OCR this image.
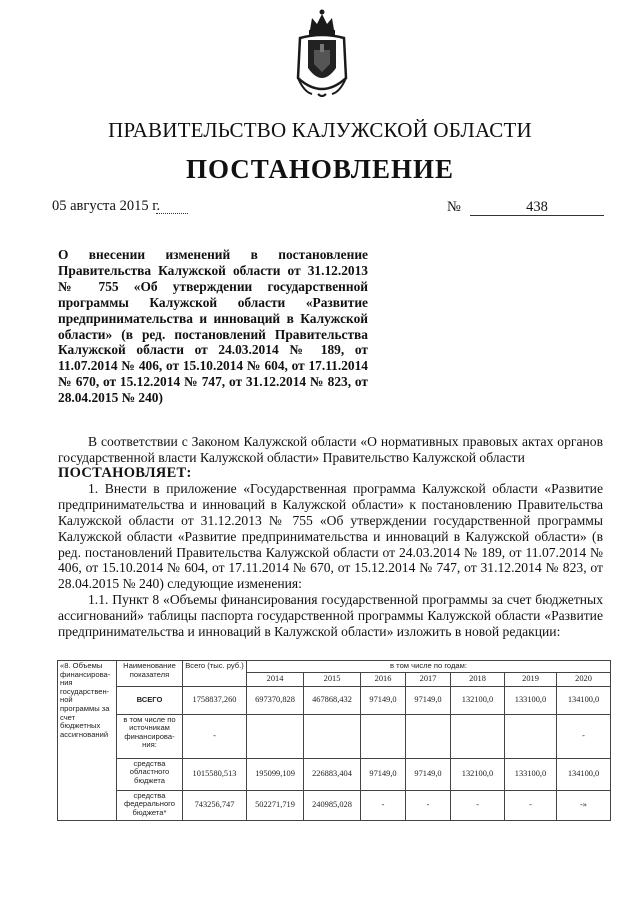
ПРАВИТЕЛЬСТВО КАЛУЖСКОЙ ОБЛАСТИ
ПОСТАНОВЛЕНИЕ
05 августа 2015 г.	№	438
О внесении изменений в постановление Правительства Калужской области от 31.12.2013 № 755 «Об утверждении государственной программы Калужской области «Развитие предпринимательства и инноваций в Калужской области» (в ред. постановлений Правительства Калужской области от 24.03.2014 № 189, от 11.07.2014 № 406, от 15.10.2014 № 604, от 17.11.2014 № 670, от 15.12.2014 № 747, от 31.12.2014 № 823, от 28.04.2015 № 240)

В соответствии с Законом Калужской области «О нормативных правовых актах органов государственной власти Калужской области» Правительство Калужской области

ПОСТАНОВЛЯЕТ:

1. Внести в приложение «Государственная программа Калужской области «Развитие предпринимательства и инноваций в Калужской области» к постановлению Правительства Калужской области от 31.12.2013 № 755 «Об утверждении государственной программы Калужской области «Развитие предпринимательства и инноваций в Калужской области» (в ред. постановлений Правительства Калужской области от 24.03.2014 № 189, от 11.07.2014 № 406, от 15.10.2014 № 604, от 17.11.2014 № 670, от 15.12.2014 № 747, от 31.12.2014 № 823, от 28.04.2015 № 240) следующие изменения:

1.1. Пункт 8 «Объемы финансирования государственной программы за счет бюджетных ассигнований» таблицы паспорта государственной программы Калужской области «Развитие предпринимательства и инноваций в Калужской области» изложить в новой редакции:

«8. Объемы финансирова-ния государствен-ной программы за счет бюджетных ассигнований	Наименование показателя	Всего (тыс. руб.)	в том числе по годам:						
			2014	2015	2016	2017	2018	2019	2020
	ВСЕГО	1758837,260	697370,828	467868,432	97149,0	97149,0	132100,0	133100,0	134100,0
	в том числе по источникам финансирова-ния:	-							-
	средства областного бюджета	1015580,513	195099,109	226883,404	97149,0	97149,0	132100,0	133100,0	134100,0
	средства федерального бюджета*	743256,747	502271,719	240985,028	-	-	-	-	-»
